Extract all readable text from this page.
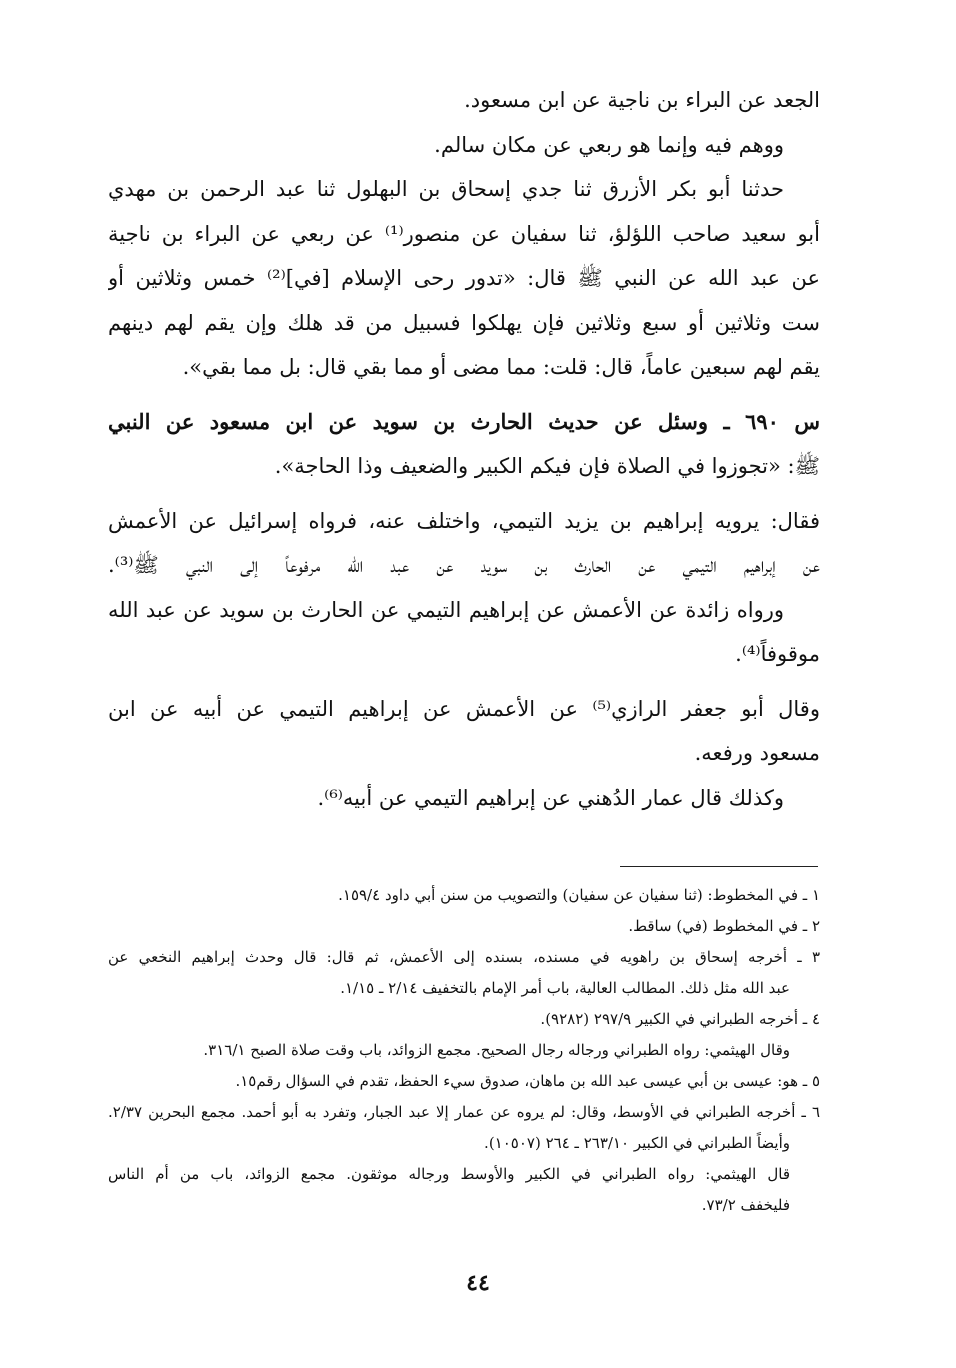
الجعد عن البراء بن ناجية عن ابن مسعود.
ووهم فيه وإنما هو ربعي عن مكان سالم.
حدثنا أبو بكر الأزرق ثنا جدي إسحاق بن البهلول ثنا عبد الرحمن بن مهدي
أبو سعيد صاحب اللؤلؤ، ثنا سفيان عن منصور⁽¹⁾ عن ربعي عن البراء بن ناجية
عن عبد الله عن النبي ﷺ قال: «تدور رحى الإسلام [في]⁽²⁾ خمس وثلاثين أو
ست وثلاثين أو سبع وثلاثين فإن يهلكوا فسبيل من قد هلك وإن يقم لهم دينهم
يقم لهم سبعين عاماً، قال: قلت: مما مضى أو مما بقي قال: بل مما بقي».
س ٦٩٠ ـ وسئل عن حديث الحارث بن سويد عن ابن مسعود عن النبي
ﷺ: «تجوزوا في الصلاة فإن فيكم الكبير والضعيف وذا الحاجة».
فقال: يرويه إبراهيم بن يزيد التيمي، واختلف عنه، فرواه إسرائيل عن الأعمش
عن إبراهيم التيمي عن الحارث بن سويد عن عبد الله مرفوعاً إلى النبي ﷺ⁽³⁾.
ورواه زائدة عن الأعمش عن إبراهيم التيمي عن الحارث بن سويد عن عبد الله
موقوفاً⁽⁴⁾.
وقال أبو جعفر الرازي⁽⁵⁾ عن الأعمش عن إبراهيم التيمي عن أبيه عن ابن
مسعود ورفعه.
وكذلك قال عمار الدُهني عن إبراهيم التيمي عن أبيه⁽⁶⁾.
١ ـ في المخطوط: (ثنا سفيان عن سفيان) والتصويب من سنن أبي داود ١٥٩/٤.
٢ ـ في المخطوط (في) ساقط.
٣ ـ أخرجه إسحاق بن راهويه في مسنده، بسنده إلى الأعمش، ثم قال: قال وحدث إبراهيم النخعي عن
عبد الله مثل ذلك. المطالب العالية، باب أمر الإمام بالتخفيف ٢/١٤ ـ ١/١٥.
٤ ـ أخرجه الطبراني في الكبير ٢٩٧/٩ (٩٢٨٢).
وقال الهيثمي: رواه الطبراني ورجاله رجال الصحيح. مجمع الزوائد، باب وقت صلاة الصبح ٣١٦/١.
٥ ـ هو: عيسى بن أبي عيسى عبد الله بن ماهان، صدوق سيء الحفظ، تقدم في السؤال رقم١٥.
٦ ـ أخرجه الطبراني في الأوسط، وقال: لم يروه عن عمار إلا عبد الجبار، وتفرد به أبو أحمد. مجمع البحرين ٢/٣٧.
وأيضاً الطبراني في الكبير ٢٦٣/١٠ ـ ٢٦٤ (١٠٥٠٧).
قال الهيثمي: رواه الطبراني في الكبير والأوسط ورجاله موثقون. مجمع الزوائد، باب من أم الناس
فليخفف ٧٣/٢.
٤٤
